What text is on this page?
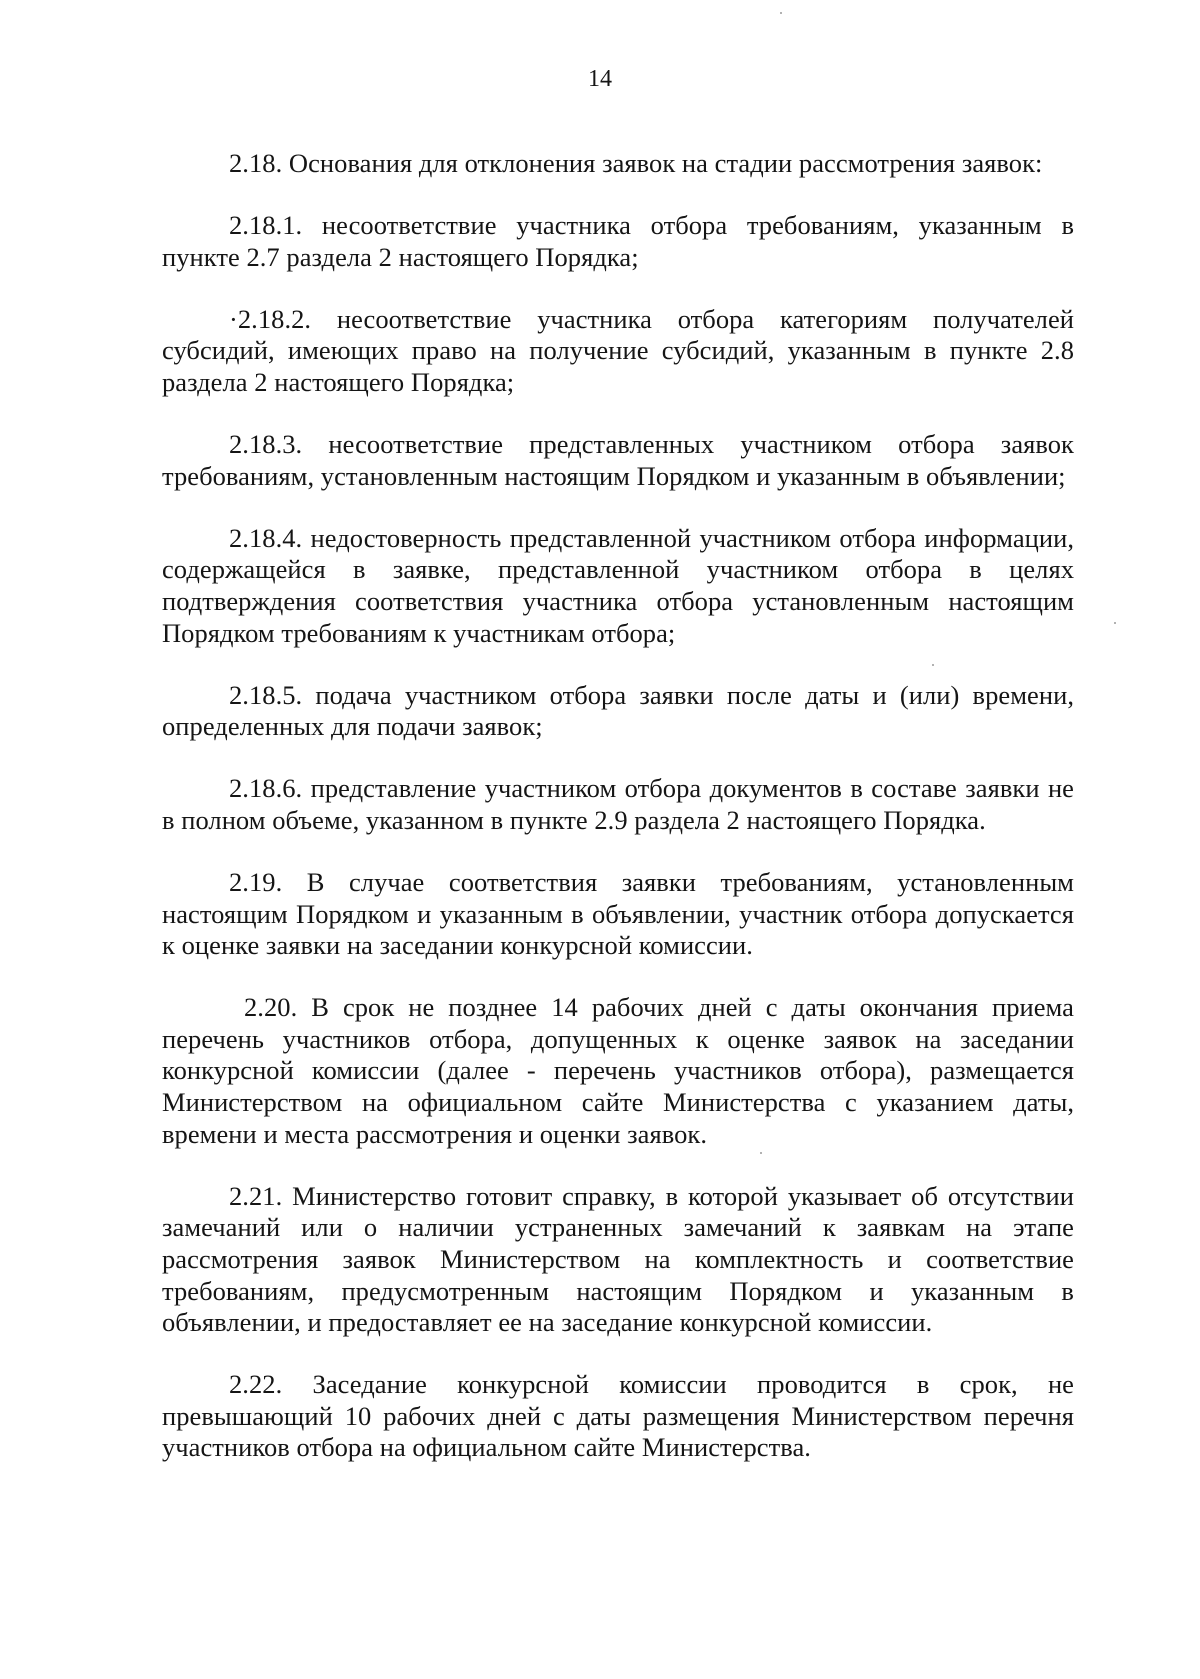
14

2.18. Основания для отклонения заявок на стадии рассмотрения заявок:

2.18.1. несоответствие участника отбора требованиям, указанным в пункте 2.7 раздела 2 настоящего Порядка;

·2.18.2. несоответствие участника отбора категориям получателей субсидий, имеющих право на получение субсидий, указанным в пункте 2.8 раздела 2 настоящего Порядка;

2.18.3. несоответствие представленных участником отбора заявок требованиям, установленным настоящим Порядком и указанным в объявлении;

2.18.4. недостоверность представленной участником отбора информации, содержащейся в заявке, представленной участником отбора в целях подтверждения соответствия участника отбора установленным настоящим Порядком требованиям к участникам отбора;

2.18.5. подача участником отбора заявки после даты и (или) времени, определенных для подачи заявок;

2.18.6. представление участником отбора документов в составе заявки не в полном объеме, указанном в пункте 2.9 раздела 2 настоящего Порядка.

2.19. В случае соответствия заявки требованиям, установленным настоящим Порядком и указанным в объявлении, участник отбора допускается к оценке заявки на заседании конкурсной комиссии.

2.20. В срок не позднее 14 рабочих дней с даты окончания приема перечень участников отбора, допущенных к оценке заявок на заседании конкурсной комиссии (далее - перечень участников отбора), размещается Министерством на официальном сайте Министерства с указанием даты, времени и места рассмотрения и оценки заявок.

2.21. Министерство готовит справку, в которой указывает об отсутствии замечаний или о наличии устраненных замечаний к заявкам на этапе рассмотрения заявок Министерством на комплектность и соответствие требованиям, предусмотренным настоящим Порядком и указанным в объявлении, и предоставляет ее на заседание конкурсной комиссии.

2.22. Заседание конкурсной комиссии проводится в срок, не превышающий 10 рабочих дней с даты размещения Министерством перечня участников отбора на официальном сайте Министерства.
